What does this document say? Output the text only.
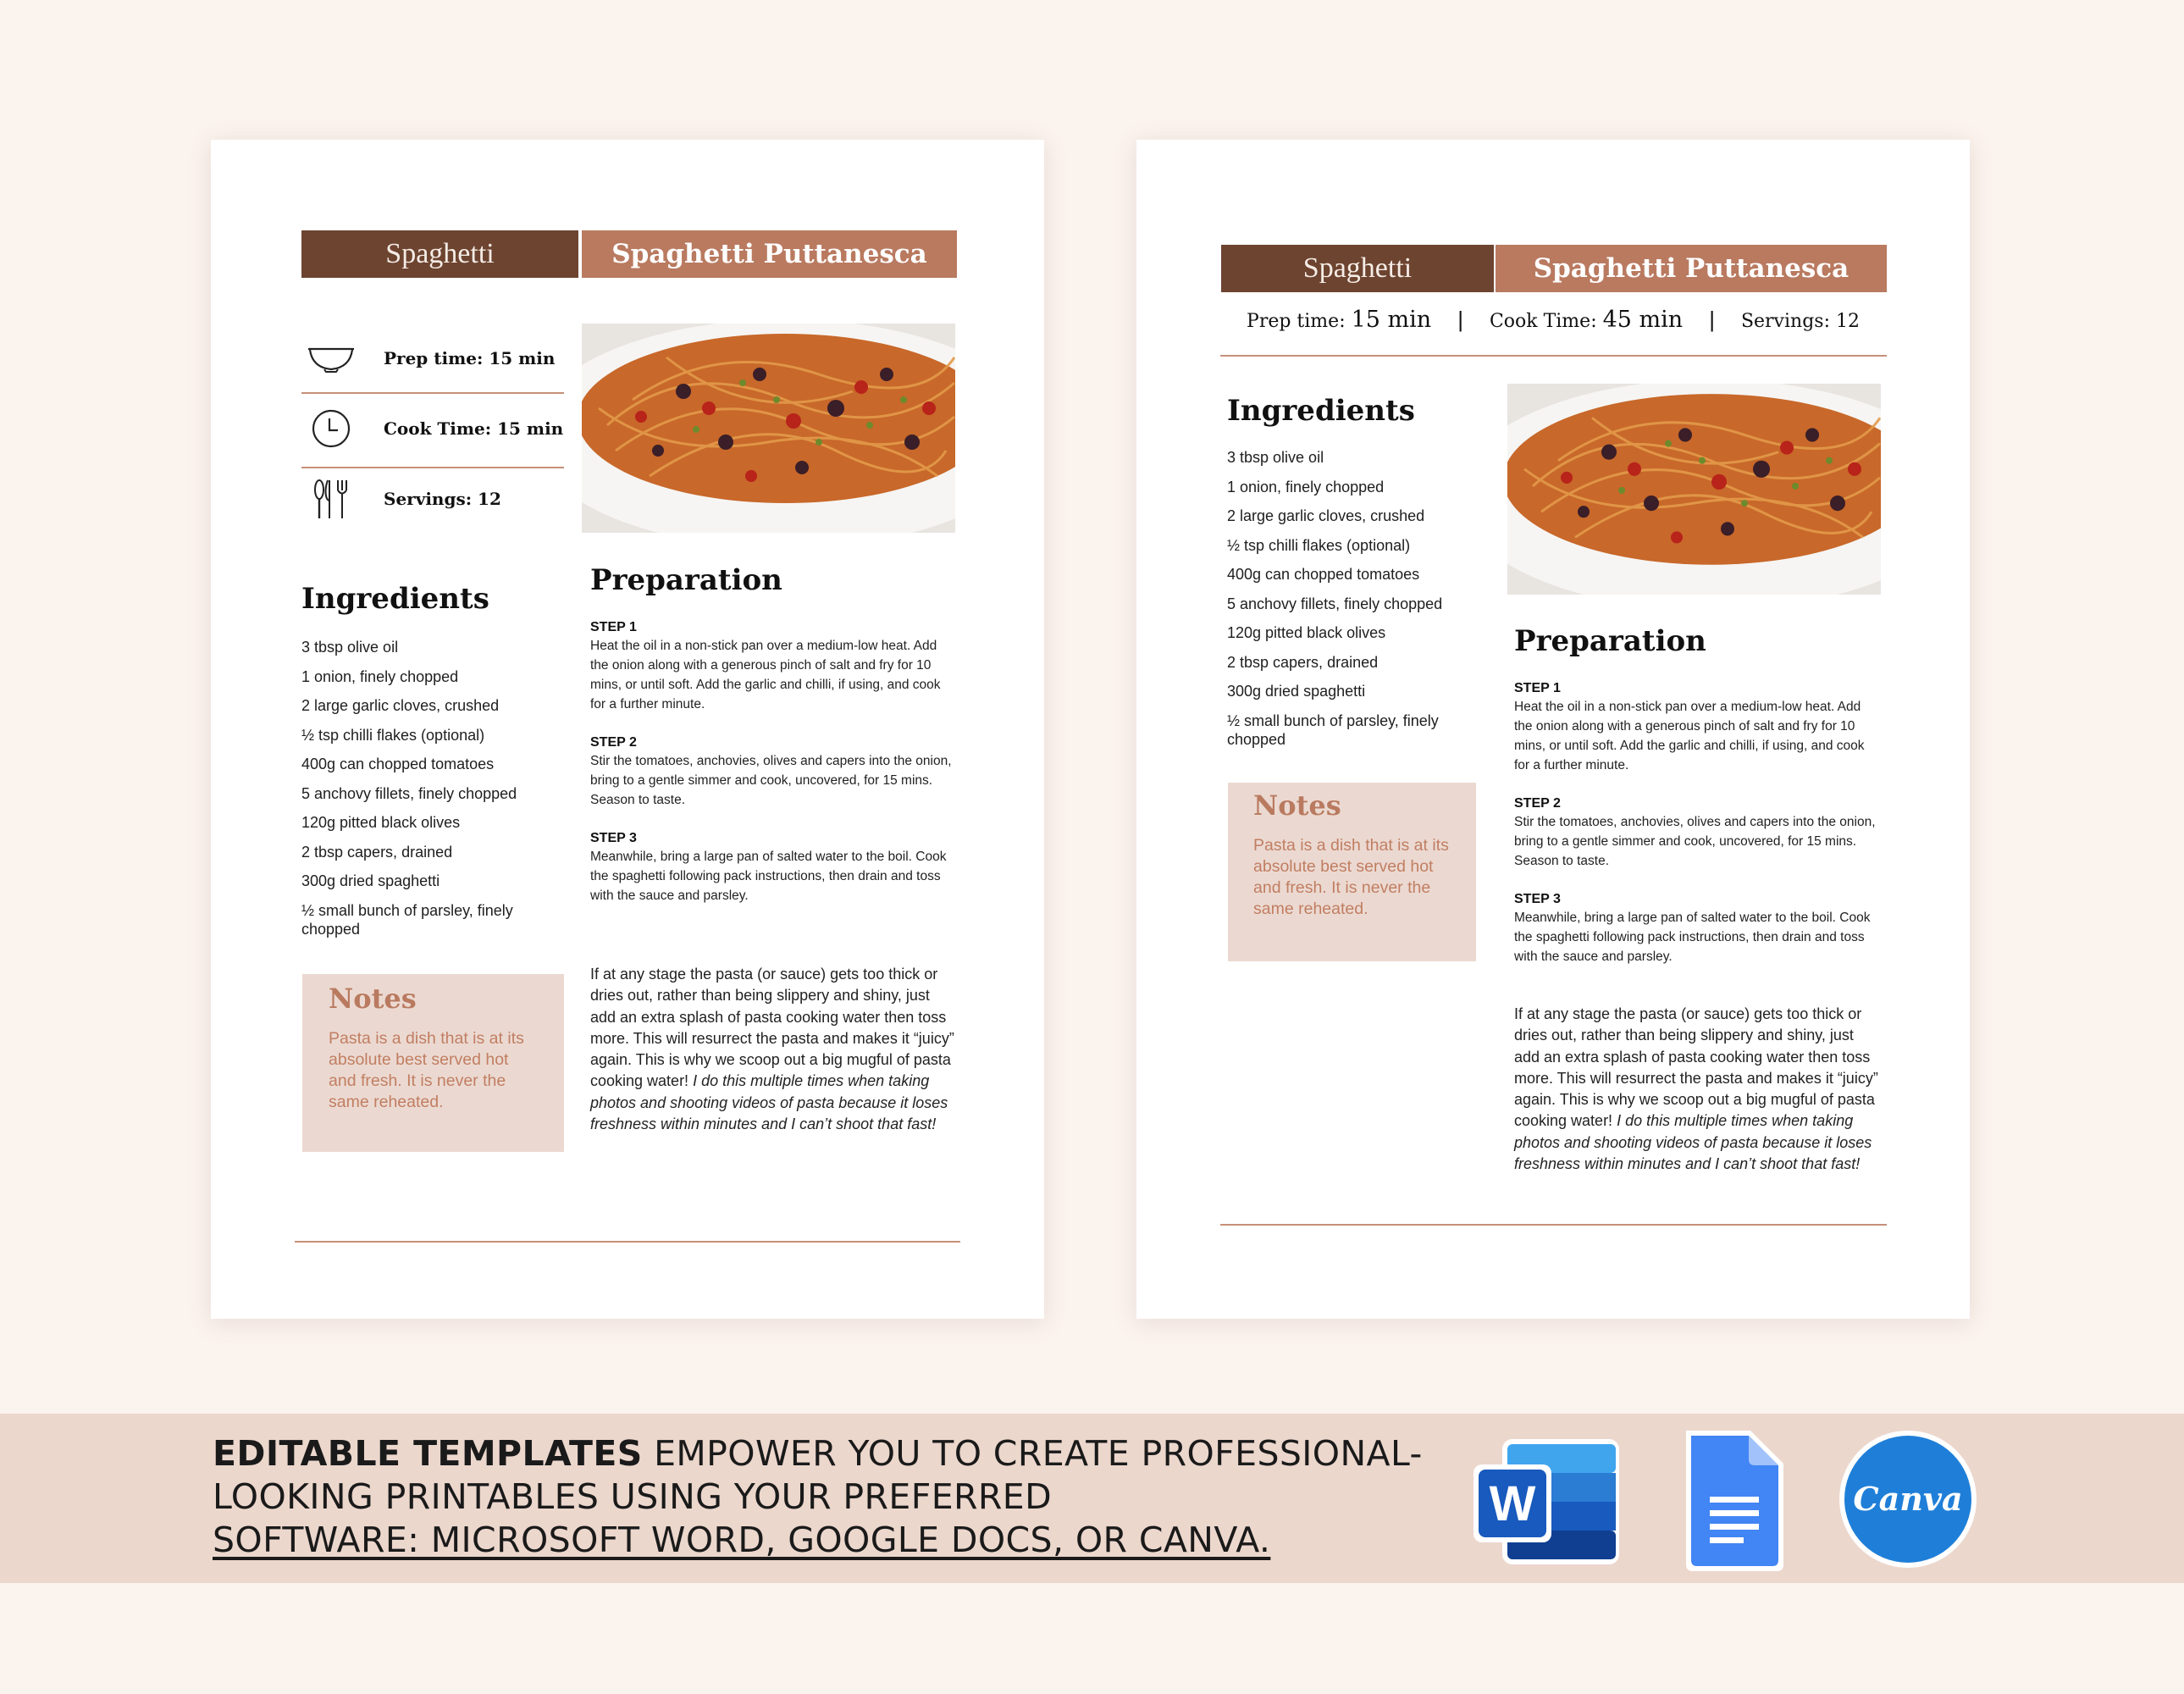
Spaghetti	Spaghetti Puttanesca
Prep time: 15 min
Cook Time: 15 min
Servings: 12
Ingredients
3 tbsp olive oil
1 onion, finely chopped
2 large garlic cloves, crushed
½ tsp chilli flakes (optional)
400g can chopped tomatoes
5 anchovy fillets, finely chopped
120g pitted black olives
2 tbsp capers, drained
300g dried spaghetti
½ small bunch of parsley, finely chopped
Notes
Pasta is a dish that is at its absolute best served hot and fresh. It is never the same reheated.
Preparation
STEP 1
Heat the oil in a non-stick pan over a medium-low heat. Add the onion along with a generous pinch of salt and fry for 10 mins, or until soft. Add the garlic and chilli, if using, and cook for a further minute.
STEP 2
Stir the tomatoes, anchovies, olives and capers into the onion, bring to a gentle simmer and cook, uncovered, for 15 mins. Season to taste.
STEP 3
Meanwhile, bring a large pan of salted water to the boil. Cook the spaghetti following pack instructions, then drain and toss with the sauce and parsley.
If at any stage the pasta (or sauce) gets too thick or dries out, rather than being slippery and shiny, just add an extra splash of pasta cooking water then toss more. This will resurrect the pasta and makes it “juicy” again. This is why we scoop out a big mugful of pasta cooking water! I do this multiple times when taking photos and shooting videos of pasta because it loses freshness within minutes and I can’t shoot that fast!
Spaghetti	Spaghetti Puttanesca
Prep time: 15 min | Cook Time: 45 min | Servings: 12
Ingredients
3 tbsp olive oil
1 onion, finely chopped
2 large garlic cloves, crushed
½ tsp chilli flakes (optional)
400g can chopped tomatoes
5 anchovy fillets, finely chopped
120g pitted black olives
2 tbsp capers, drained
300g dried spaghetti
½ small bunch of parsley, finely chopped
Notes
Pasta is a dish that is at its absolute best served hot and fresh. It is never the same reheated.
Preparation
STEP 1
Heat the oil in a non-stick pan over a medium-low heat. Add the onion along with a generous pinch of salt and fry for 10 mins, or until soft. Add the garlic and chilli, if using, and cook for a further minute.
STEP 2
Stir the tomatoes, anchovies, olives and capers into the onion, bring to a gentle simmer and cook, uncovered, for 15 mins. Season to taste.
STEP 3
Meanwhile, bring a large pan of salted water to the boil. Cook the spaghetti following pack instructions, then drain and toss with the sauce and parsley.
If at any stage the pasta (or sauce) gets too thick or dries out, rather than being slippery and shiny, just add an extra splash of pasta cooking water then toss more. This will resurrect the pasta and makes it “juicy” again. This is why we scoop out a big mugful of pasta cooking water! I do this multiple times when taking photos and shooting videos of pasta because it loses freshness within minutes and I can’t shoot that fast!
EDITABLE TEMPLATES EMPOWER YOU TO CREATE PROFESSIONAL-LOOKING PRINTABLES USING YOUR PREFERRED
SOFTWARE: MICROSOFT WORD, GOOGLE DOCS, OR CANVA.
W	Canva
